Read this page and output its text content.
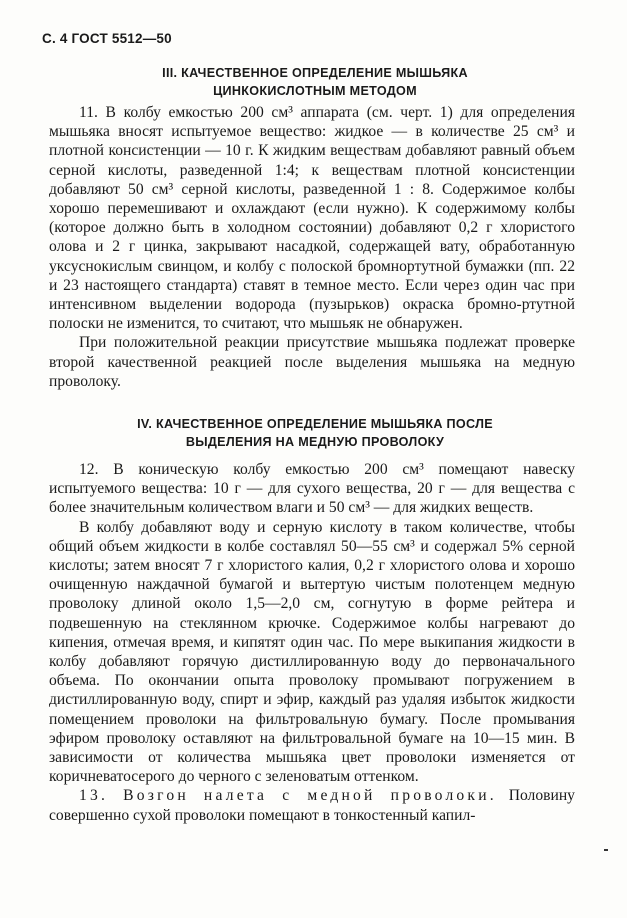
С. 4 ГОСТ 5512—50
III. КАЧЕСТВЕННОЕ ОПРЕДЕЛЕНИЕ МЫШЬЯКА
ЦИНКОКИСЛОТНЫМ МЕТОДОМ

11. В колбу емкостью 200 см³ аппарата (см. черт. 1) для определения мышьяка вносят испытуемое вещество: жидкое — в количестве 25 см³ и плотной консистенции — 10 г. К жидким веществам добавляют равный объем серной кислоты, разведенной 1:4; к веществам плотной консистенции добавляют 50 см³ серной кислоты, разведенной 1 : 8. Содержимое колбы хорошо перемешивают и охлаждают (если нужно). К содержимому колбы (которое должно быть в холодном состоянии) добавляют 0,2 г хлористого олова и 2 г цинка, закрывают насадкой, содержащей вату, обработанную уксуснокислым свинцом, и колбу с полоской бромнортутной бумажки (пп. 22 и 23 настоящего стандарта) ставят в темное место. Если через один час при интенсивном выделении водорода (пузырьков) окраска бромно-ртутной полоски не изменится, то считают, что мышьяк не обнаружен.

При положительной реакции присутствие мышьяка подлежат проверке второй качественной реакцией после выделения мышьяка на медную проволоку.

IV. КАЧЕСТВЕННОЕ ОПРЕДЕЛЕНИЕ МЫШЬЯКА ПОСЛЕ
ВЫДЕЛЕНИЯ НА МЕДНУЮ ПРОВОЛОКУ

12. В коническую колбу емкостью 200 см³ помещают навеску испытуемого вещества: 10 г — для сухого вещества, 20 г — для вещества с более значительным количеством влаги и 50 см³ — для жидких веществ.

В колбу добавляют воду и серную кислоту в таком количестве, чтобы общий объем жидкости в колбе составлял 50—55 см³ и содержал 5% серной кислоты; затем вносят 7 г хлористого калия, 0,2 г хлористого олова и хорошо очищенную наждачной бумагой и вытертую чистым полотенцем медную проволоку длиной около 1,5—2,0 см, согнутую в форме рейтера и подвешенную на стеклянном крючке. Содержимое колбы нагревают до кипения, отмечая время, и кипятят один час. По мере выкипания жидкости в колбу добавляют горячую дистиллированную воду до первоначального объема. По окончании опыта проволоку промывают погружением в дистиллированную воду, спирт и эфир, каждый раз удаляя избыток жидкости помещением проволоки на фильтровальную бумагу. После промывания эфиром проволоку оставляют на фильтровальной бумаге на 10—15 мин. В зависимости от количества мышьяка цвет проволоки изменяется от коричневатосерого до черного с зеленоватым оттенком.

13. Возгон налета с медной проволоки. Половину совершенно сухой проволоки помещают в тонкостенный капил-
